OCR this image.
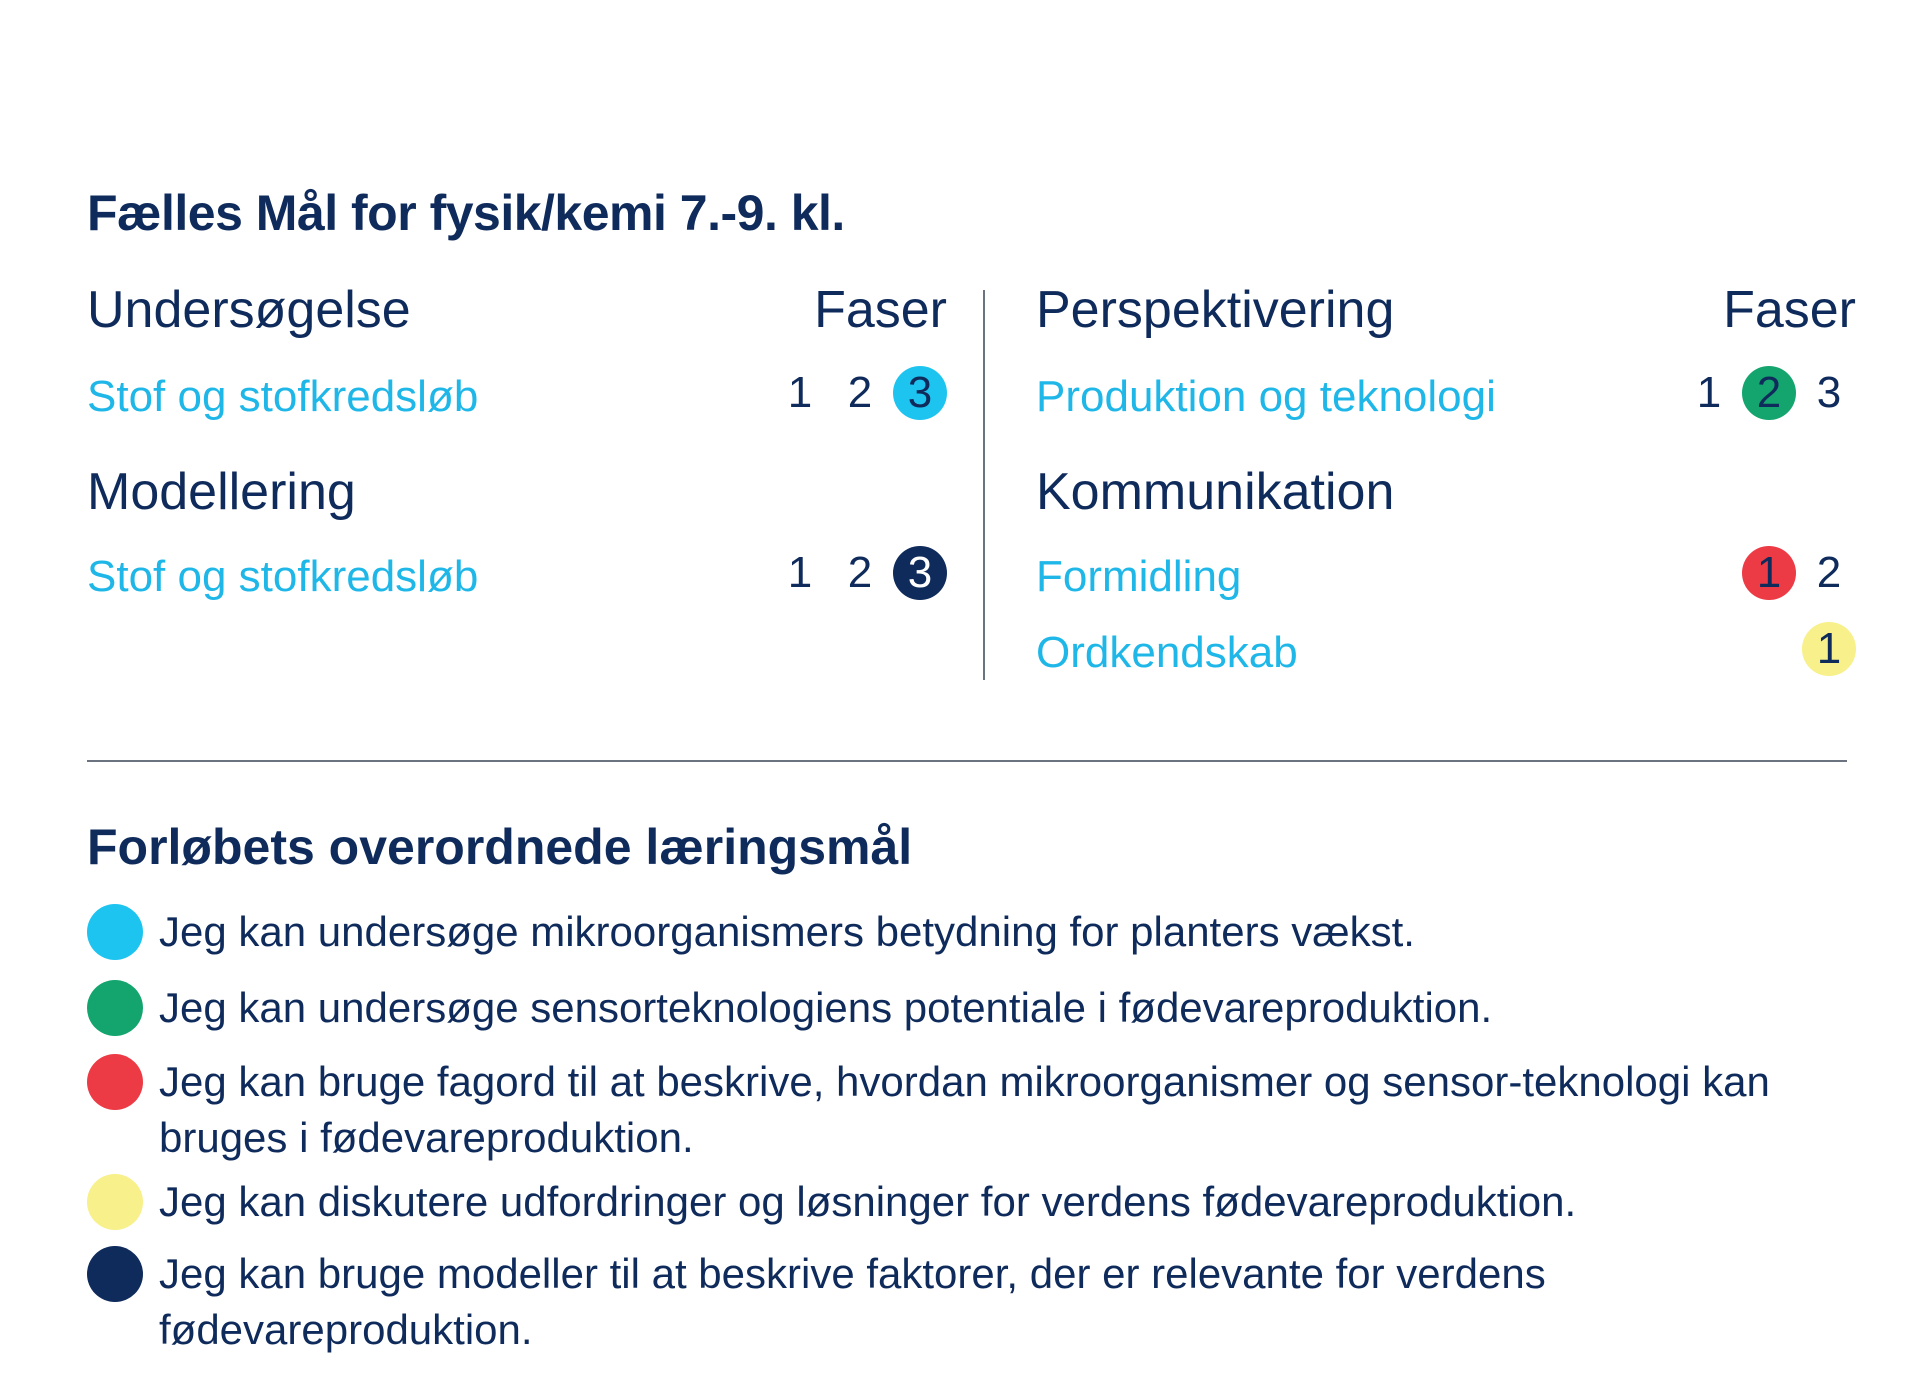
Fælles Mål for fysik/kemi 7.-9. kl.
Undersøgelse	Faser
Stof og stofkredsløb	1 2 3
Modellering
Stof og stofkredsløb	1 2 3
Perspektivering	Faser
Produktion og teknologi	1 2 3
Kommunikation
Formidling	1 2
Ordkendskab	1
Forløbets overordnede læringsmål
Jeg kan undersøge mikroorganismers betydning for planters vækst.
Jeg kan undersøge sensorteknologiens potentiale i fødevareproduktion.
Jeg kan bruge fagord til at beskrive, hvordan mikroorganismer og sensor-teknologi kan bruges i fødevareproduktion.
Jeg kan diskutere udfordringer og løsninger for verdens fødevareproduktion.
Jeg kan bruge modeller til at beskrive faktorer, der er relevante for verdens fødevareproduktion.
